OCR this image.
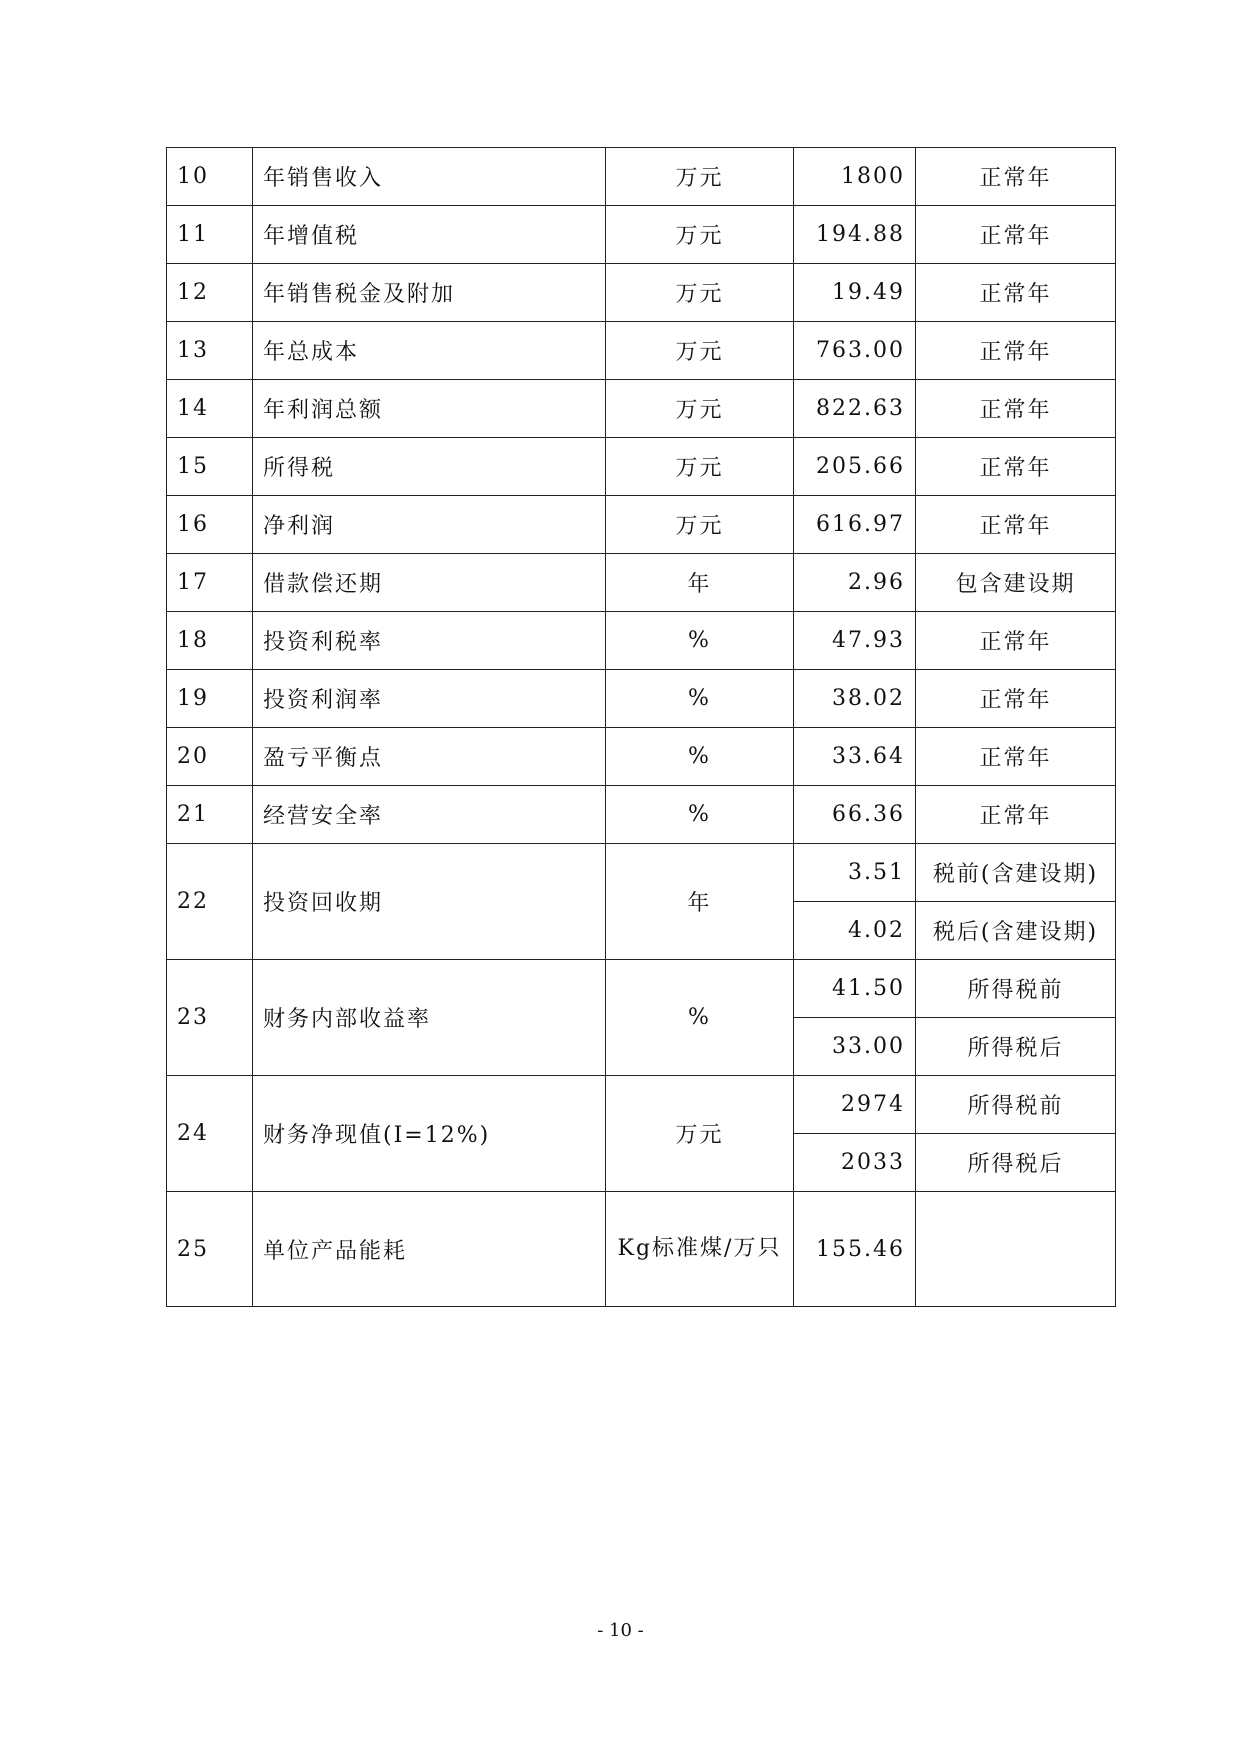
10	年销售收入	万元	1800	正常年
11	年增值税	万元	194.88	正常年
12	年销售税金及附加	万元	19.49	正常年
13	年总成本	万元	763.00	正常年
14	年利润总额	万元	822.63	正常年
15	所得税	万元	205.66	正常年
16	净利润	万元	616.97	正常年
17	借款偿还期	年	2.96	包含建设期
18	投资利税率	%	47.93	正常年
19	投资利润率	%	38.02	正常年
20	盈亏平衡点	%	33.64	正常年
21	经营安全率	%	66.36	正常年
22	投资回收期	年	3.51	税前(含建设期)
			4.02	税后(含建设期)
23	财务内部收益率	%	41.50	所得税前
			33.00	所得税后
24	财务净现值(I=12%)	万元	2974	所得税前
			2033	所得税后
25	单位产品能耗	Kg标准煤/万只	155.46	
- 10 -
